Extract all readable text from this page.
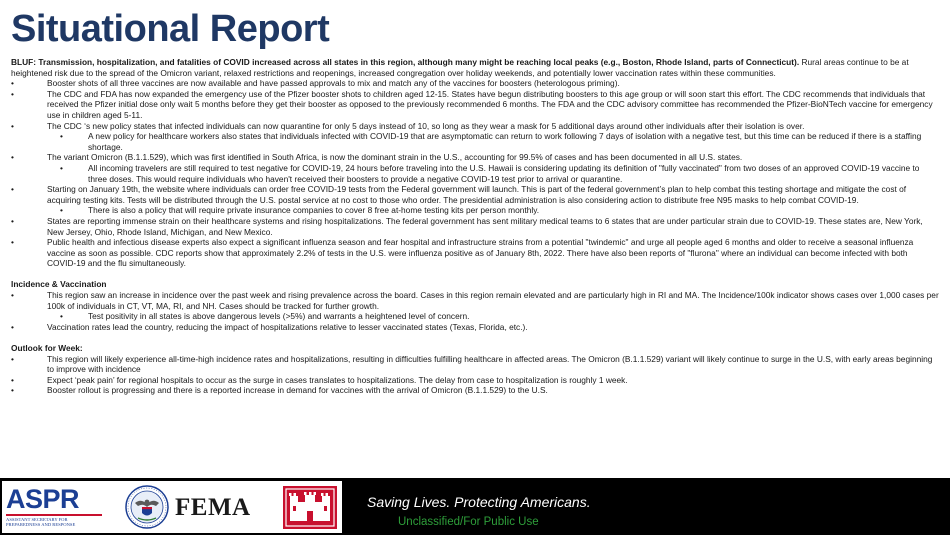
Situational Report

BLUF: Transmission, hospitalization, and fatalities of COVID increased across all states in this region, although many might be reaching local peaks (e.g., Boston, Rhode Island, parts of Connecticut). Rural areas continue to be at heightened risk due to the spread of the Omicron variant, relaxed restrictions and reopenings, increased congregation over holiday weekends, and potentially lower vaccination rates within these communities.

• Booster shots of all three vaccines are now available and have passed approvals to mix and match any of the vaccines for boosters (heterologous priming).

• The CDC and FDA has now expanded the emergency use of the Pfizer booster shots to children aged 12-15. States have begun distributing boosters to this age group or will soon start this effort. The CDC recommends that individuals that received the Pfizer initial dose only wait 5 months before they get their booster as opposed to the previously recommended 6 months. The FDA and the CDC advisory committee has recommended the Pfizer-BioNTech vaccine for emergency use in children aged 5-11.

• The CDC ‘s new policy states that infected individuals can now quarantine for only 5 days instead of 10, so long as they wear a mask for 5 additional days around other individuals after their isolation is over.

• A new policy for healthcare workers also states that individuals infected with COVID-19 that are asymptomatic can return to work following 7 days of isolation with a negative test, but this time can be reduced if there is a staffing shortage.

• The variant Omicron (B.1.1.529), which was first identified in South Africa, is now the dominant strain in the U.S., accounting for 99.5% of cases and has been documented in all U.S. states.

• All incoming travelers are still required to test negative for COVID-19, 24 hours before traveling into the U.S. Hawaii is considering updating its definition of "fully vaccinated" from two doses of an approved COVID-19 vaccine to three doses. This would require individuals who haven't received their boosters to provide a negative COVID-19 test prior to arrival or quarantine.

• Starting on January 19th, the website where individuals can order free COVID-19 tests from the Federal government will launch. This is part of the federal government’s plan to help combat this testing shortage and mitigate the cost of acquiring testing kits. Tests will be distributed through the U.S. postal service at no cost to those who order. The presidential administration is also considering action to distribute free N95 masks to help combat COVID-19.

• There is also a policy that will require private insurance companies to cover 8 free at-home testing kits per person monthly.

• States are reporting immense strain on their healthcare systems and rising hospitalizations. The federal government has sent military medical teams to 6 states that are under particular strain due to COVID-19. These states are, New York, New Jersey, Ohio, Rhode Island, Michigan, and New Mexico.

• Public health and infectious disease experts also expect a significant influenza season and fear hospital and infrastructure strains from a potential "twindemic" and urge all people aged 6 months and older to receive a seasonal influenza vaccine as soon as possible. CDC reports show that approximately 2.2% of tests in the U.S. were influenza positive as of January 8th, 2022. There have also been reports of "flurona" where an individual can become infected with both COVID-19 and the flu simultaneously.

Incidence & Vaccination

• This region saw an increase in incidence over the past week and rising prevalence across the board. Cases in this region remain elevated and are particularly high in RI and MA. The Incidence/100k indicator shows cases over 1,000 cases per 100k of individuals in CT, VT, MA, RI, and NH. Cases should be tracked for further growth.

• Test positivity in all states is above dangerous levels (>5%) and warrants a heightened level of concern.

• Vaccination rates lead the country, reducing the impact of hospitalizations relative to lesser vaccinated states (Texas, Florida, etc.).

Outlook for Week:

• This region will likely experience all-time-high incidence rates and hospitalizations, resulting in difficulties fulfilling healthcare in affected areas. The Omicron (B.1.1.529) variant will likely continue to surge in the U.S, with early areas beginning to improve with incidence

• Expect ‘peak pain’ for regional hospitals to occur as the surge in cases translates to hospitalizations. The delay from case to hospitalization is roughly 1 week.

• Booster rollout is progressing and there is a reported increase in demand for vaccines with the arrival of Omicron (B.1.1.529) to the U.S.

ASPR
ASSISTANT SECRETARY FOR
PREPAREDNESS AND RESPONSE
FEMA	Saving Lives. Protecting Americans.
Unclassified/For Public Use
